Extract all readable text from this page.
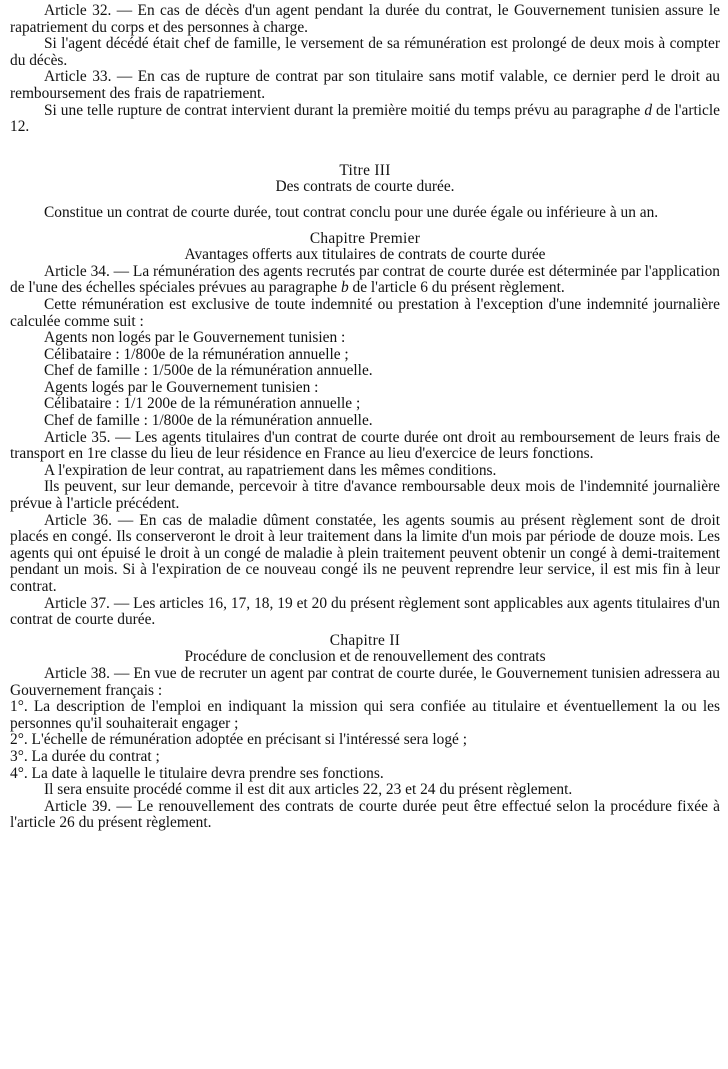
Article 32. — En cas de décès d'un agent pendant la durée du contrat, le Gouvernement tunisien assure le rapatriement du corps et des personnes à charge.

Si l'agent décédé était chef de famille, le versement de sa rémunération est prolongé de deux mois à compter du décès.

Article 33. — En cas de rupture de contrat par son titulaire sans motif valable, ce dernier perd le droit au remboursement des frais de rapatriement.

Si une telle rupture de contrat intervient durant la première moitié du temps prévu au paragraphe d de l'article 12.

Titre III

Des contrats de courte durée.

Constitue un contrat de courte durée, tout contrat conclu pour une durée égale ou inférieure à un an.

Chapitre Premier

Avantages offerts aux titulaires de contrats de courte durée

Article 34. — La rémunération des agents recrutés par contrat de courte durée est déterminée par l'application de l'une des échelles spéciales prévues au paragraphe b de l'article 6 du présent règlement.

Cette rémunération est exclusive de toute indemnité ou prestation à l'exception d'une indemnité journalière calculée comme suit :

Agents non logés par le Gouvernement tunisien :

Célibataire : 1/800e de la rémunération annuelle ;

Chef de famille : 1/500e de la rémunération annuelle.

Agents logés par le Gouvernement tunisien :

Célibataire : 1/1 200e de la rémunération annuelle ;

Chef de famille : 1/800e de la rémunération annuelle.

Article 35. — Les agents titulaires d'un contrat de courte durée ont droit au remboursement de leurs frais de transport en 1re classe du lieu de leur résidence en France au lieu d'exercice de leurs fonctions.

A l'expiration de leur contrat, au rapatriement dans les mêmes conditions.

Ils peuvent, sur leur demande, percevoir à titre d'avance remboursable deux mois de l'indemnité journalière prévue à l'article précédent.

Article 36. — En cas de maladie dûment constatée, les agents soumis au présent règlement sont de droit placés en congé. Ils conserveront le droit à leur traitement dans la limite d'un mois par période de douze mois. Les agents qui ont épuisé le droit à un congé de maladie à plein traitement peuvent obtenir un congé à demi-traitement pendant un mois. Si à l'expiration de ce nouveau congé ils ne peuvent reprendre leur service, il est mis fin à leur contrat.

Article 37. — Les articles 16, 17, 18, 19 et 20 du présent règlement sont applicables aux agents titulaires d'un contrat de courte durée.

Chapitre II

Procédure de conclusion et de renouvellement des contrats

Article 38. — En vue de recruter un agent par contrat de courte durée, le Gouvernement tunisien adressera au Gouvernement français :

1°. La description de l'emploi en indiquant la mission qui sera confiée au titulaire et éventuellement la ou les personnes qu'il souhaiterait engager ;

2°. L'échelle de rémunération adoptée en précisant si l'intéressé sera logé ;

3°. La durée du contrat ;

4°. La date à laquelle le titulaire devra prendre ses fonctions.

Il sera ensuite procédé comme il est dit aux articles 22, 23 et 24 du présent règlement.

Article 39. — Le renouvellement des contrats de courte durée peut être effectué selon la procédure fixée à l'article 26 du présent règlement.
